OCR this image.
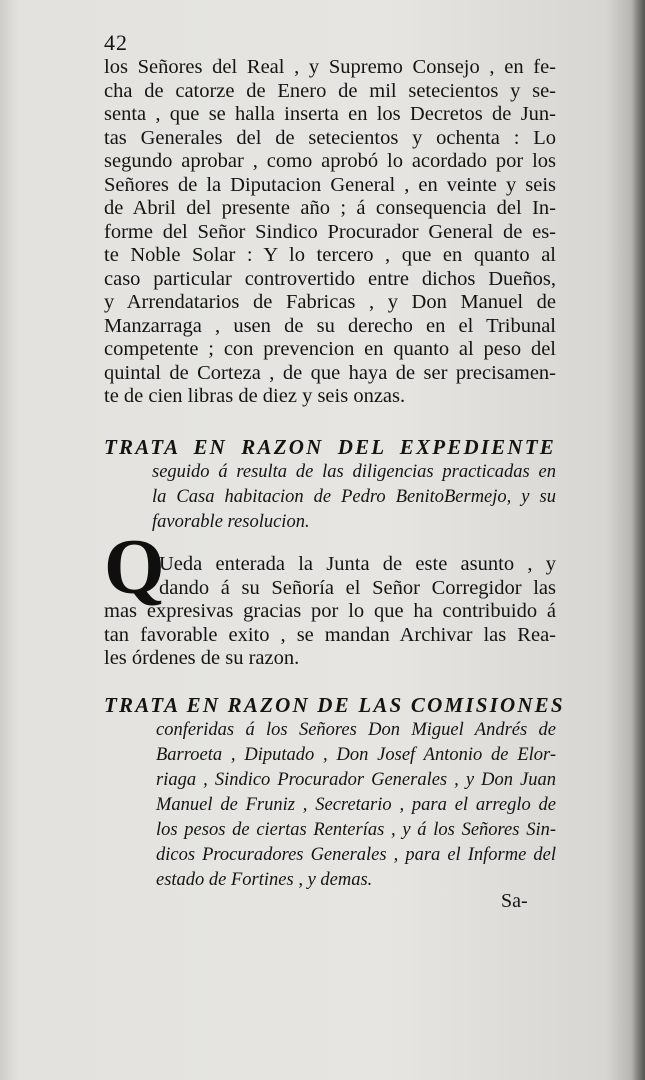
42
los Señores del Real , y Supremo Consejo , en fe-
cha de catorze de Enero de mil setecientos y se-
senta , que se halla inserta en los Decretos de Jun-
tas Generales del de setecientos y ochenta : Lo
segundo aprobar , como aprobó lo acordado por los
Señores de la Diputacion General , en veinte y seis
de Abril del presente año ; á consequencia del In-
forme del Señor Sindico Procurador General de es-
te Noble Solar : Y lo tercero , que en quanto al
caso particular controvertido entre dichos Dueños,
y Arrendatarios de Fabricas , y Don Manuel de
Manzarraga , usen de su derecho en el Tribunal
competente ; con prevencion en quanto al peso del
quintal de Corteza , de que haya de ser precisamen-
te de cien libras de diez y seis onzas.
TRATA EN RAZON DEL EXPEDIENTE
seguido á resulta de las diligencias practicadas en
la Casa habitacion de Pedro BenitoBermejo, y su
favorable resolucion.
Q
Ueda enterada la Junta de este asunto , y
dando á su Señoría el Señor Corregidor las
mas expresivas gracias por lo que ha contribuido á
tan favorable exito , se mandan Archivar las Rea-
les órdenes de su razon.
TRATA EN RAZON DE LAS COMISIONES
conferidas á los Señores Don Miguel Andrés de
Barroeta , Diputado , Don Josef Antonio de Elor-
riaga , Sindico Procurador Generales , y Don Juan
Manuel de Fruniz , Secretario , para el arreglo de
los pesos de ciertas Renterías , y á los Señores Sin-
dicos Procuradores Generales , para el Informe del
estado de Fortines , y demas.
Sa-
